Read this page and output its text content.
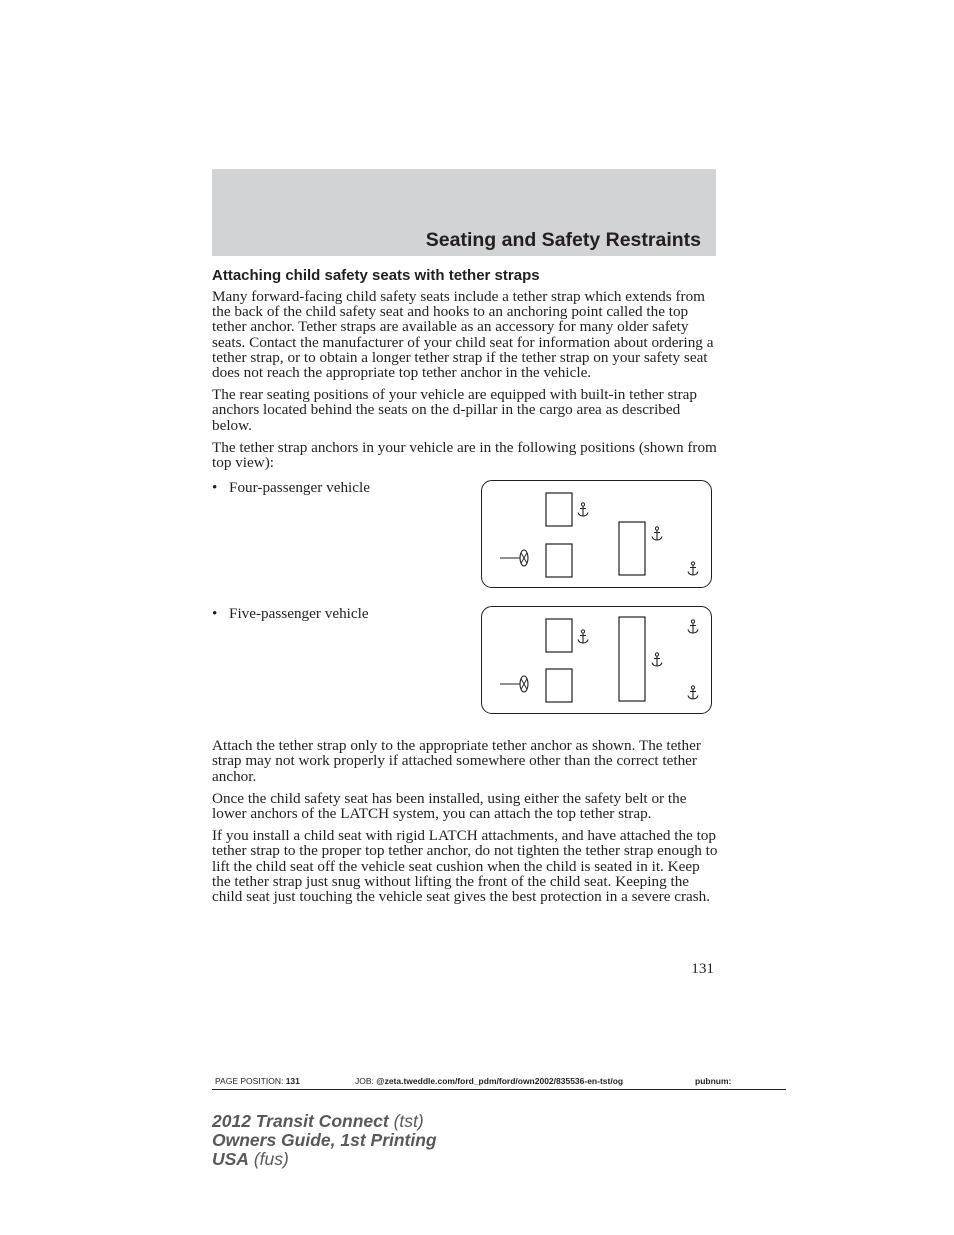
Seating and Safety Restraints
Attaching child safety seats with tether straps

Many forward-facing child safety seats include a tether strap which extends from the back of the child safety seat and hooks to an anchoring point called the top tether anchor. Tether straps are available as an accessory for many older safety seats. Contact the manufacturer of your child seat for information about ordering a tether strap, or to obtain a longer tether strap if the tether strap on your safety seat does not reach the appropriate top tether anchor in the vehicle.

The rear seating positions of your vehicle are equipped with built-in tether strap anchors located behind the seats on the d-pillar in the cargo area as described below.

The tether strap anchors in your vehicle are in the following positions (shown from top view):

• Four-passenger vehicle
• Five-passenger vehicle

Attach the tether strap only to the appropriate tether anchor as shown. The tether strap may not work properly if attached somewhere other than the correct tether anchor.

Once the child safety seat has been installed, using either the safety belt or the lower anchors of the LATCH system, you can attach the top tether strap.

If you install a child seat with rigid LATCH attachments, and have attached the top tether strap to the proper top tether anchor, do not tighten the tether strap enough to lift the child seat off the vehicle seat cushion when the child is seated in it. Keep the tether strap just snug without lifting the front of the child seat. Keeping the child seat just touching the vehicle seat gives the best protection in a severe crash.

131
PAGE POSITION: 131	JOB: @zeta.tweddle.com/ford_pdm/ford/own2002/835536-en-tst/og	pubnum:
2012 Transit Connect (tst)
Owners Guide, 1st Printing
USA (fus)
